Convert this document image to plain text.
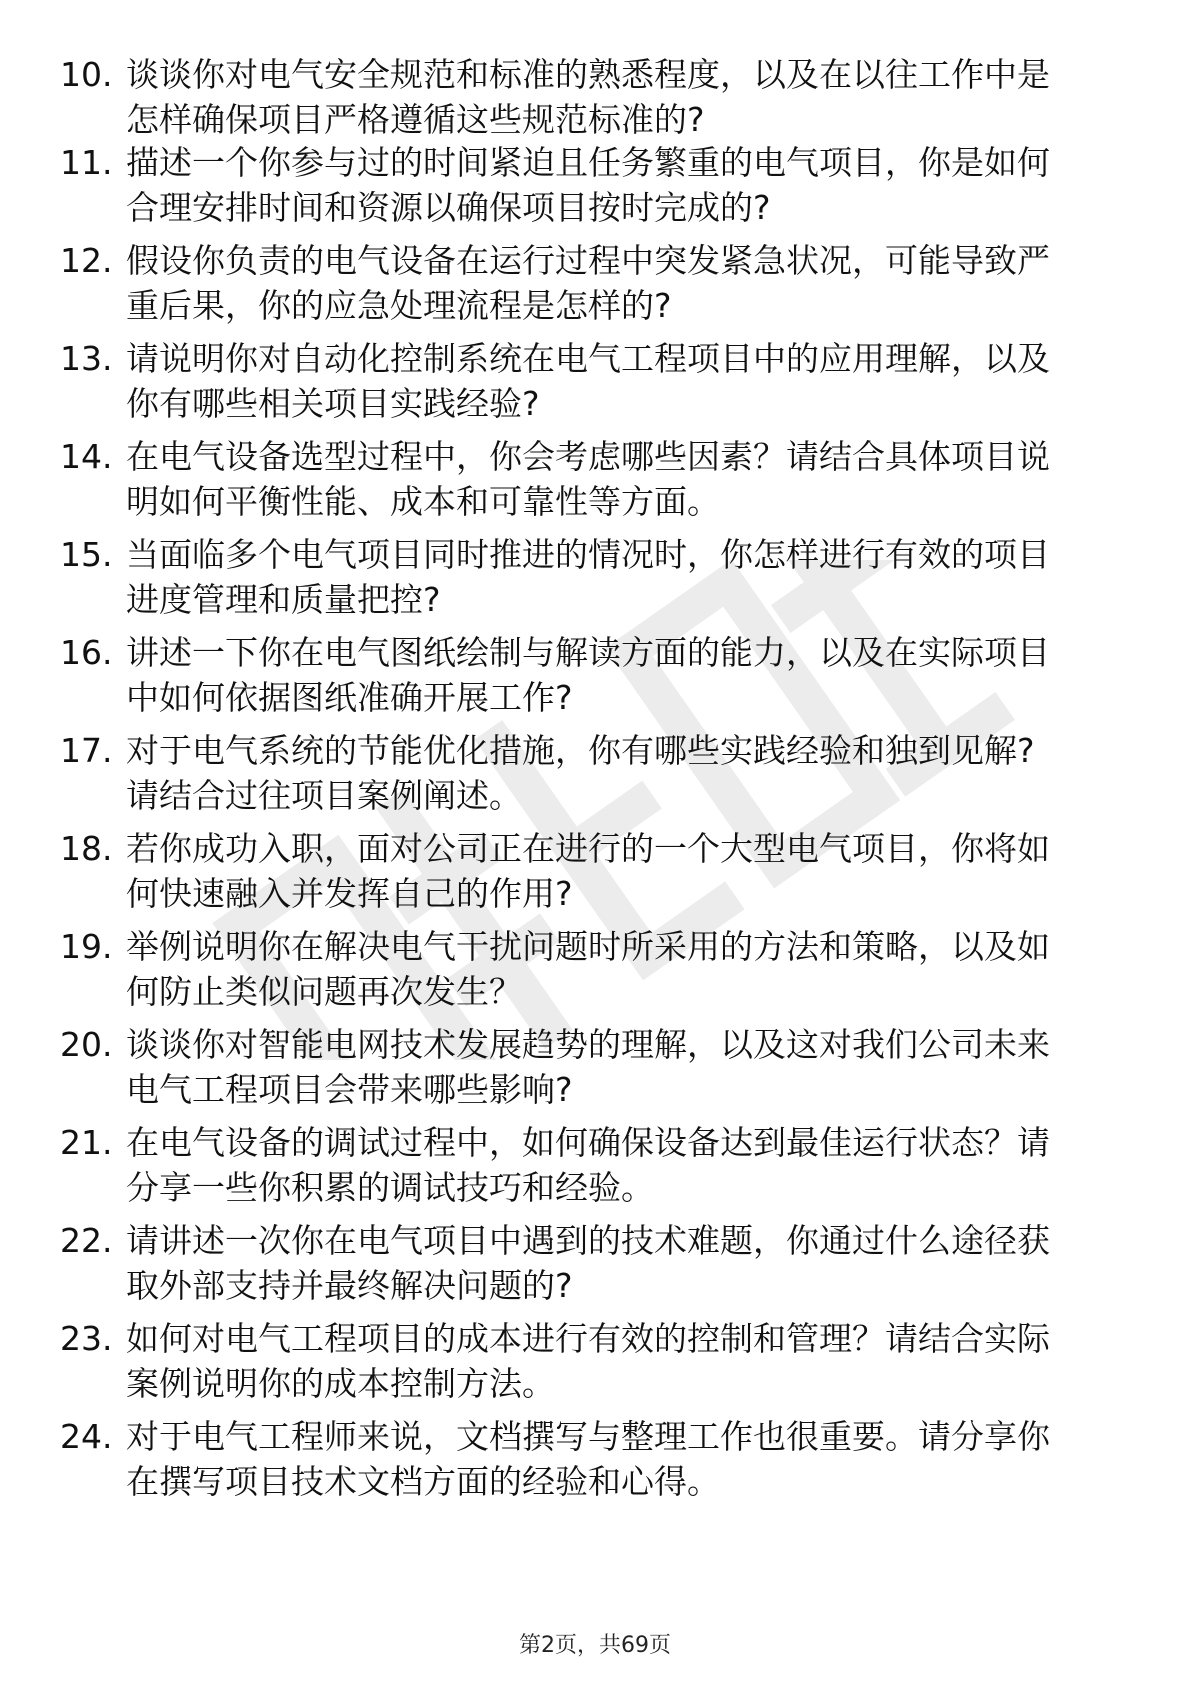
10. 谈谈你对电气安全规范和标准的熟悉程度，以及在以往工作中是
怎样确保项目严格遵循这些规范标准的?
11. 描述一个你参与过的时间紧迫且任务繁重的电气项目，你是如何
合理安排时间和资源以确保项目按时完成的?
12. 假设你负责的电气设备在运行过程中突发紧急状况，可能导致严
重后果，你的应急处理流程是怎样的?
13. 请说明你对自动化控制系统在电气工程项目中的应用理解，以及
你有哪些相关项目实践经验?
14. 在电气设备选型过程中，你会考虑哪些因素？请结合具体项目说
明如何平衡性能、成本和可靠性等方面。
15. 当面临多个电气项目同时推进的情况时，你怎样进行有效的项目
进度管理和质量把控?
16. 讲述一下你在电气图纸绘制与解读方面的能力，以及在实际项目
中如何依据图纸准确开展工作?
17. 对于电气系统的节能优化措施，你有哪些实践经验和独到见解?
请结合过往项目案例阐述。
18. 若你成功入职，面对公司正在进行的一个大型电气项目，你将如
何快速融入并发挥自己的作用?
19. 举例说明你在解决电气干扰问题时所采用的方法和策略，以及如
何防止类似问题再次发生？
20. 谈谈你对智能电网技术发展趋势的理解，以及这对我们公司未来
电气工程项目会带来哪些影响?
21. 在电气设备的调试过程中，如何确保设备达到最佳运行状态？请
分享一些你积累的调试技巧和经验。
22. 请讲述一次你在电气项目中遇到的技术难题，你通过什么途径获
取外部支持并最终解决问题的?
23. 如何对电气工程项目的成本进行有效的控制和管理？请结合实际
案例说明你的成本控制方法。
24. 对于电气工程师来说，文档撰写与整理工作也很重要。请分享你
在撰写项目技术文档方面的经验和心得。
第2页，共69页
